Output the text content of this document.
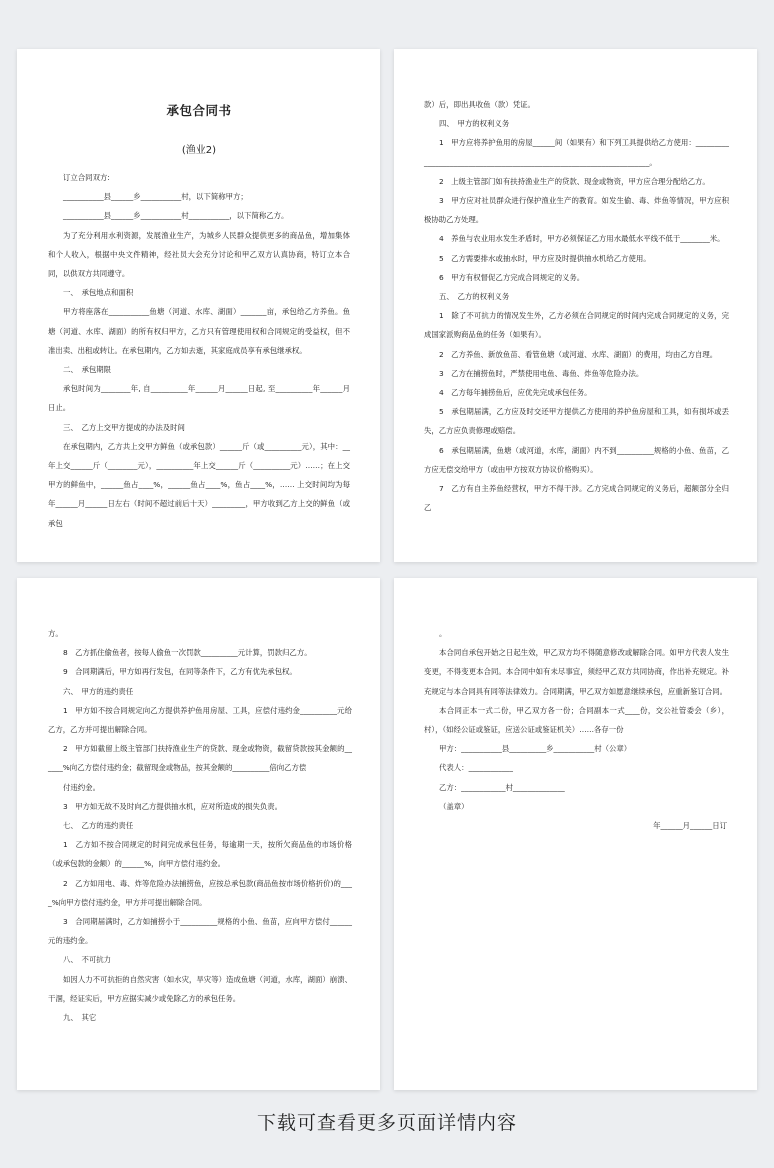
承包合同书
(渔业2)

订立合同双方:

___________县______乡___________村，以下简称甲方；

___________县______乡___________村___________，以下简称乙方。

为了充分利用水利资源，发展渔业生产，为城乡人民群众提供更多的商品鱼，增加集体和个人收入，根据中央文件精神，经社员大会充分讨论和甲乙双方认真协商，特订立本合同，以供双方共同遵守。

一、　承包地点和面积

甲方将座落在___________鱼塘（河道、水库、湖面）_______亩，承包给乙方养鱼。鱼塘（河道、水库、湖面）的所有权归甲方，乙方只有管理使用权和合同规定的受益权，但不准出卖、出租或转让。在承包期内，乙方如去逝，其家庭成员享有承包继承权。

二、　承包期限

承包时间为________年, 自__________年______月______日起, 至__________年______月日止。

三、　乙方上交甲方提成的办法及时间

在承包期内，乙方共上交甲方鲜鱼（或承包款）______斤（或__________元），其中：__年上交______斤（________元），__________年上交______斤（__________元）……；在上交甲方的鲜鱼中，______鱼占____%，______鱼占____%，鱼占____%，…… 上交时间均为每年______月______日左右（时间不超过前后十天）_________，甲方收到乙方上交的鲜鱼（或承包

款）后，即出具收鱼（款）凭证。

四、　甲方的权利义务

1　甲方应将养护鱼用的房屋______间（如果有）和下列工具提供给乙方使用：______________________________________________________________________。

2　上级主管部门如有扶持渔业生产的贷款、现金或物资，甲方应合理分配给乙方。

3　甲方应对社员群众进行保护渔业生产的教育。如发生偷、毒、炸鱼等情况，甲方应积极协助乙方处理。

4　养鱼与农业用水发生矛盾时，甲方必须保证乙方用水最低水平线不低于________米。

5　乙方需要排水或抽水时，甲方应及时提供抽水机给乙方使用。

6　甲方有权督促乙方完成合同规定的义务。

五、　乙方的权利义务

1　除了不可抗力的情况发生外，乙方必须在合同规定的时间内完成合同规定的义务，完成国家派购商品鱼的任务（如果有）。

2　乙方养鱼、新放鱼苗、看管鱼塘（或河道、水库、湖面）的费用，均由乙方自理。

3　乙方在捕捞鱼时，严禁使用电鱼、毒鱼、炸鱼等危险办法。

4　乙方每年捕捞鱼后，应优先完成承包任务。

5　承包期届满，乙方应及时交还甲方提供乙方使用的养护鱼房屋和工具，如有损坏或丢失，乙方应负责修理或赔偿。

6　承包期届满，鱼塘（或河道，水库，湖面）内不到__________规格的小鱼、鱼苗，乙方应无偿交给甲方（或由甲方按双方协议价格购买）。

7　乙方有自主养鱼经营权，甲方不得干涉。乙方完成合同规定的义务后，超额部分全归乙

方。

8　乙方抓住偷鱼者，按每人偷鱼一次罚款__________元计算，罚款归乙方。

9　合同期满后，甲方如再行发包，在同等条件下，乙方有优先承包权。

六、　甲方的违约责任

1　甲方如不按合同规定向乙方提供养护鱼用房屋、工具，应偿付违约金__________元给乙方，乙方并可提出解除合同。

2　甲方如截留上级主管部门扶持渔业生产的贷款、现金或物资，截留贷款按其金额的______%向乙方偿付违约金；截留现金或物品，按其金额的__________倍向乙方偿

付违约金。

3　甲方如无故不及时向乙方提供抽水机，应对所造成的损失负责。

七、　乙方的违约责任

1　乙方如不按合同规定的时间完成承包任务，每逾期一天，按所欠商品鱼的市场价格（或承包款的金额）的______%，向甲方偿付违约金。

2　乙方如用电、毒、炸等危险办法捕捞鱼，应按总承包款(商品鱼按市场价格折价)的____%向甲方偿付违约金，甲方并可提出解除合同。

3　合同期届满时，乙方如捕捞小于__________规格的小鱼、鱼苗，应向甲方偿付______元的违约金。

八、　不可抗力

如因人力不可抗拒的自然灾害（如水灾，旱灾等）造成鱼塘（河道，水库，湖面）崩溃、干涸，经证实后，甲方应据实减少或免除乙方的承包任务。

九、　其它

。

本合同自承包开始之日起生效，甲乙双方均不得随意修改或解除合同。如甲方代表人发生变更，不得变更本合同。本合同中如有未尽事宜，须经甲乙双方共同协商，作出补充规定。补充规定与本合同具有同等法律效力。合同期满，甲乙双方如愿意继续承包，应重新鉴订合同。

本合同正本一式二份，甲乙双方各一份；合同副本一式____份，交公社管委会（乡），村），（如经公证或鉴证，应送公证或鉴证机关）……各存一份

甲方：___________县__________乡___________村（公章）

代表人：____________

乙方：____________村______________

（盖章）

年______月______日订

下载可查看更多页面详情内容
